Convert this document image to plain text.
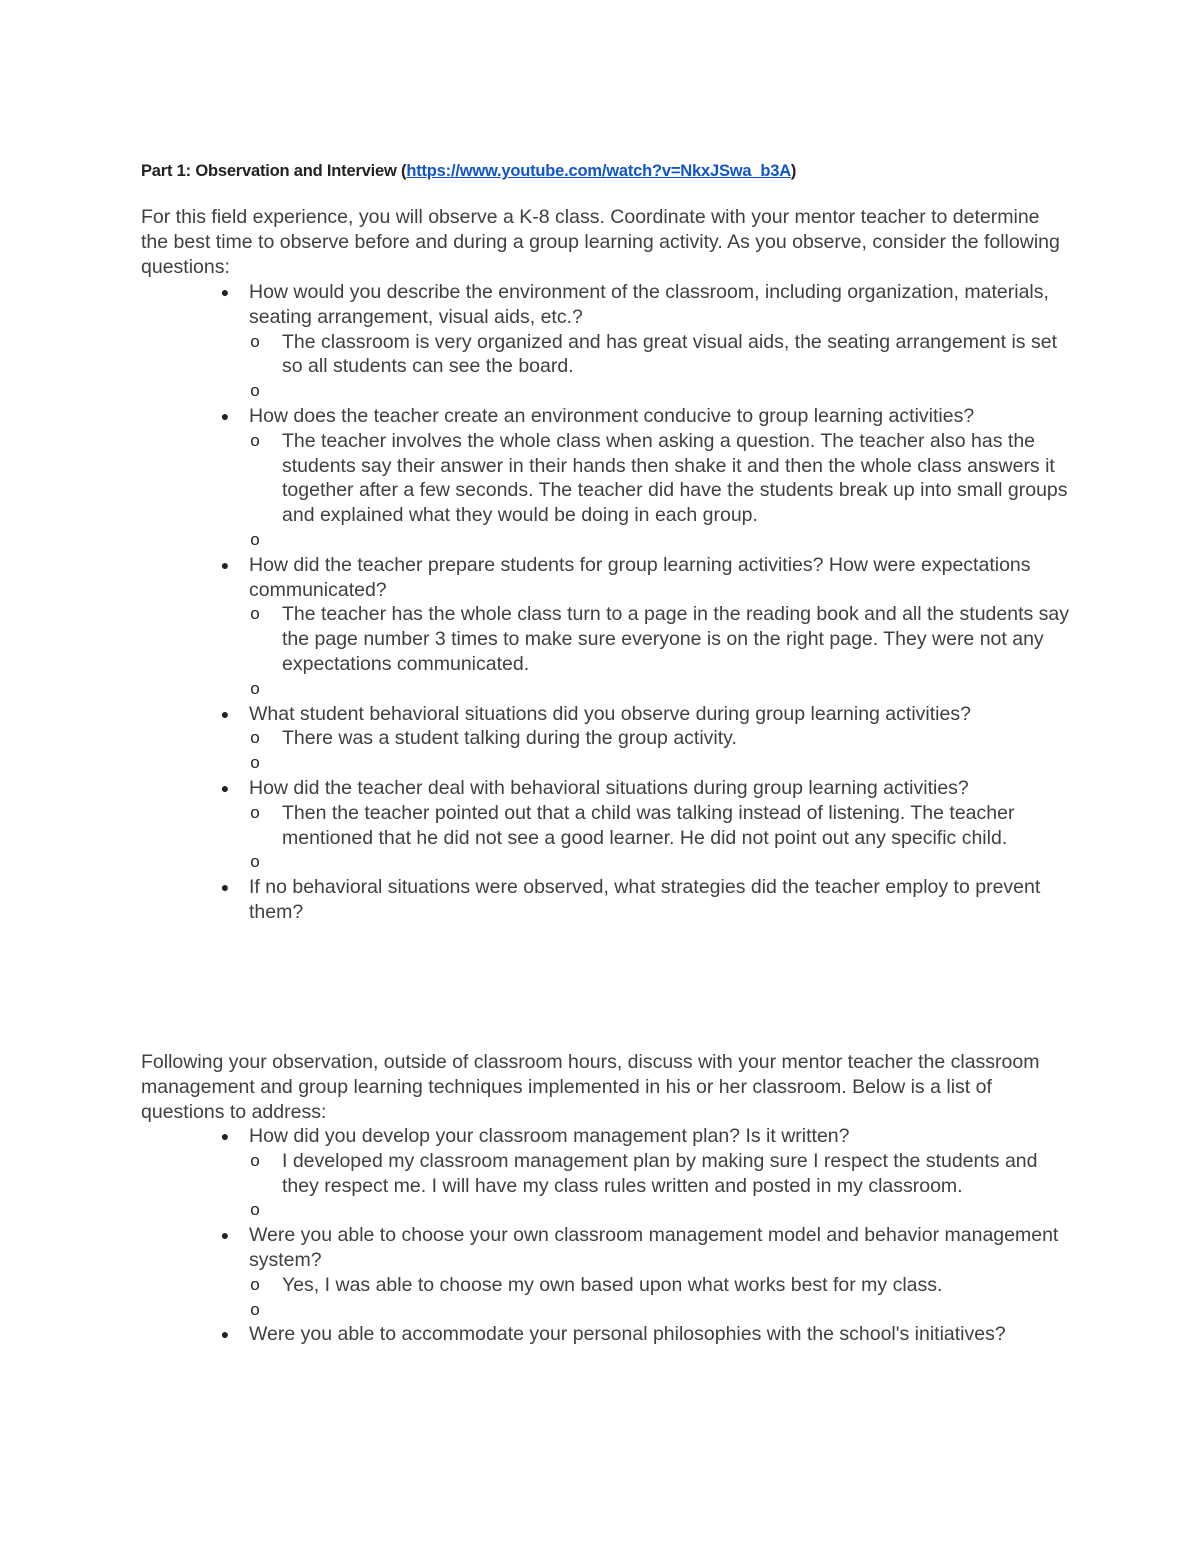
Part 1: Observation and Interview (https://www.youtube.com/watch?v=NkxJSwa_b3A)
For this field experience, you will observe a K-8 class. Coordinate with your mentor teacher to determine the best time to observe before and during a group learning activity. As you observe, consider the following questions:
● How would you describe the environment of the classroom, including organization, materials, seating arrangement, visual aids, etc.?
o The classroom is very organized and has great visual aids, the seating arrangement is set so all students can see the board.
o

● How does the teacher create an environment conducive to group learning activities?
o The teacher involves the whole class when asking a question. The teacher also has the students say their answer in their hands then shake it and then the whole class answers it together after a few seconds. The teacher did have the students break up into small groups and explained what they would be doing in each group.
o

● How did the teacher prepare students for group learning activities? How were expectations communicated?
o The teacher has the whole class turn to a page in the reading book and all the students say the page number 3 times to make sure everyone is on the right page. They were not any expectations communicated.
o

● What student behavioral situations did you observe during group learning activities?
o There was a student talking during the group activity.
o

● How did the teacher deal with behavioral situations during group learning activities?
o Then the teacher pointed out that a child was talking instead of listening. The teacher mentioned that he did not see a good learner. He did not point out any specific child.
o

● If no behavioral situations were observed, what strategies did the teacher employ to prevent them?
Following your observation, outside of classroom hours, discuss with your mentor teacher the classroom management and group learning techniques implemented in his or her classroom. Below is a list of questions to address:
● How did you develop your classroom management plan? Is it written?
o I developed my classroom management plan by making sure I respect the students and they respect me. I will have my class rules written and posted in my classroom.
o

● Were you able to choose your own classroom management model and behavior management system?
o Yes, I was able to choose my own based upon what works best for my class.
o

● Were you able to accommodate your personal philosophies with the school's initiatives?
